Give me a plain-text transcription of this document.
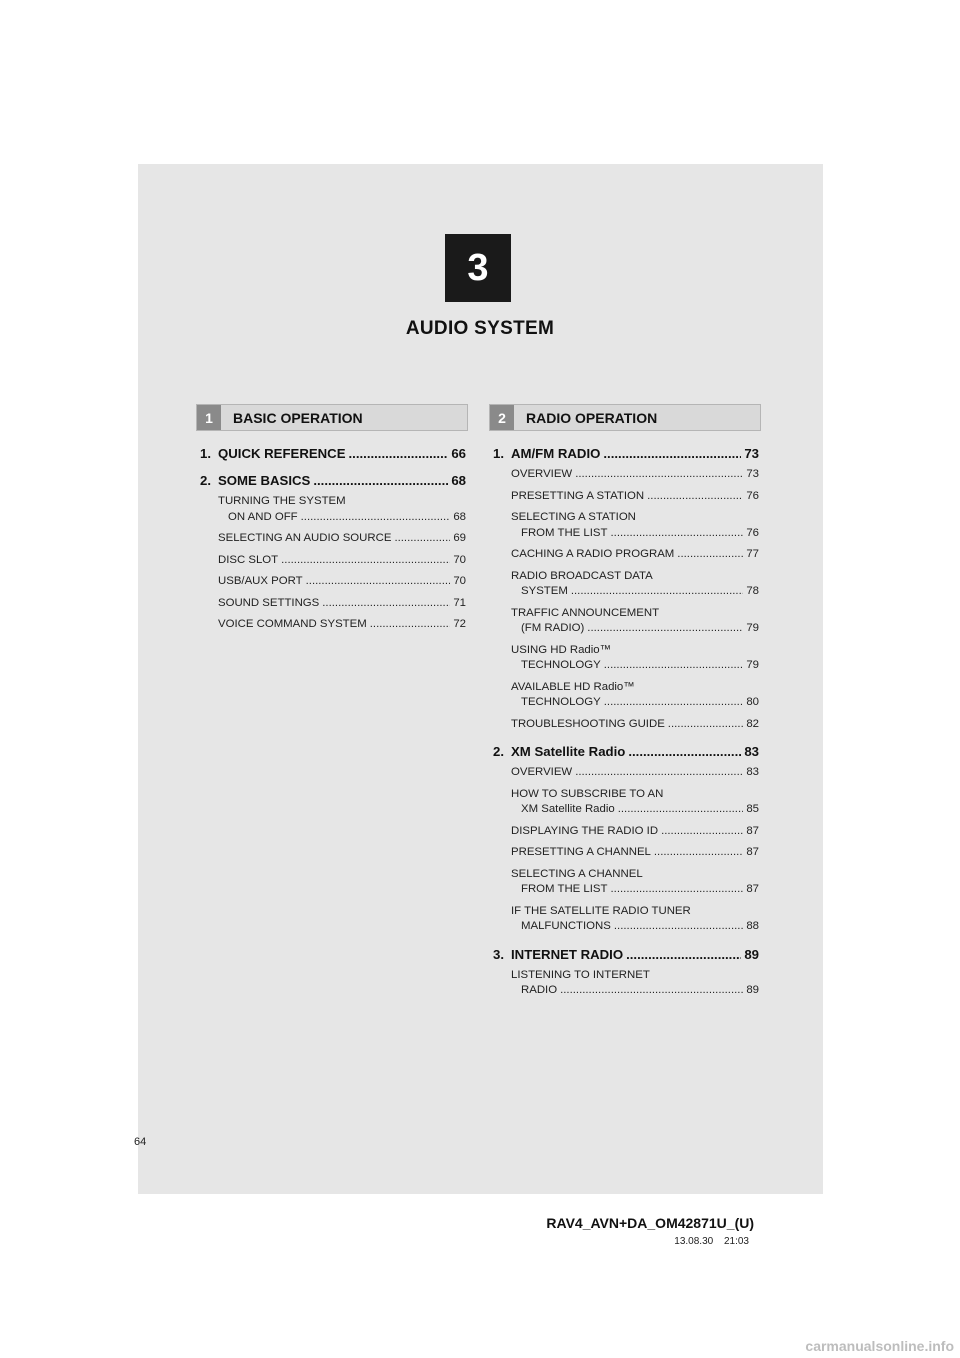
3
AUDIO SYSTEM
1	BASIC OPERATION	2	RADIO OPERATION
1. QUICK REFERENCE .....	66
2. SOME BASICS .....	68
TURNING THE SYSTEM
ON AND OFF .....	68
SELECTING AN AUDIO SOURCE .....	69
DISC SLOT .....	70
USB/AUX PORT .....	70
SOUND SETTINGS .....	71
VOICE COMMAND SYSTEM .....	72
1. AM/FM RADIO .....	73
OVERVIEW .....	73
PRESETTING A STATION .....	76
SELECTING A STATION
FROM THE LIST .....	76
CACHING A RADIO PROGRAM .....	77
RADIO BROADCAST DATA
SYSTEM .....	78
TRAFFIC ANNOUNCEMENT
(FM RADIO) .....	79
USING HD Radio™
TECHNOLOGY .....	79
AVAILABLE HD Radio™
TECHNOLOGY .....	80
TROUBLESHOOTING GUIDE .....	82
2. XM Satellite Radio .....	83
OVERVIEW .....	83
HOW TO SUBSCRIBE TO AN
XM Satellite Radio .....	85
DISPLAYING THE RADIO ID .....	87
PRESETTING A CHANNEL .....	87
SELECTING A CHANNEL
FROM THE LIST .....	87
IF THE SATELLITE RADIO TUNER
MALFUNCTIONS .....	88
3. INTERNET RADIO .....	89
LISTENING TO INTERNET
RADIO .....	89
64
RAV4_AVN+DA_OM42871U_(U)
13.08.30 21:03
carmanualsonline.info
